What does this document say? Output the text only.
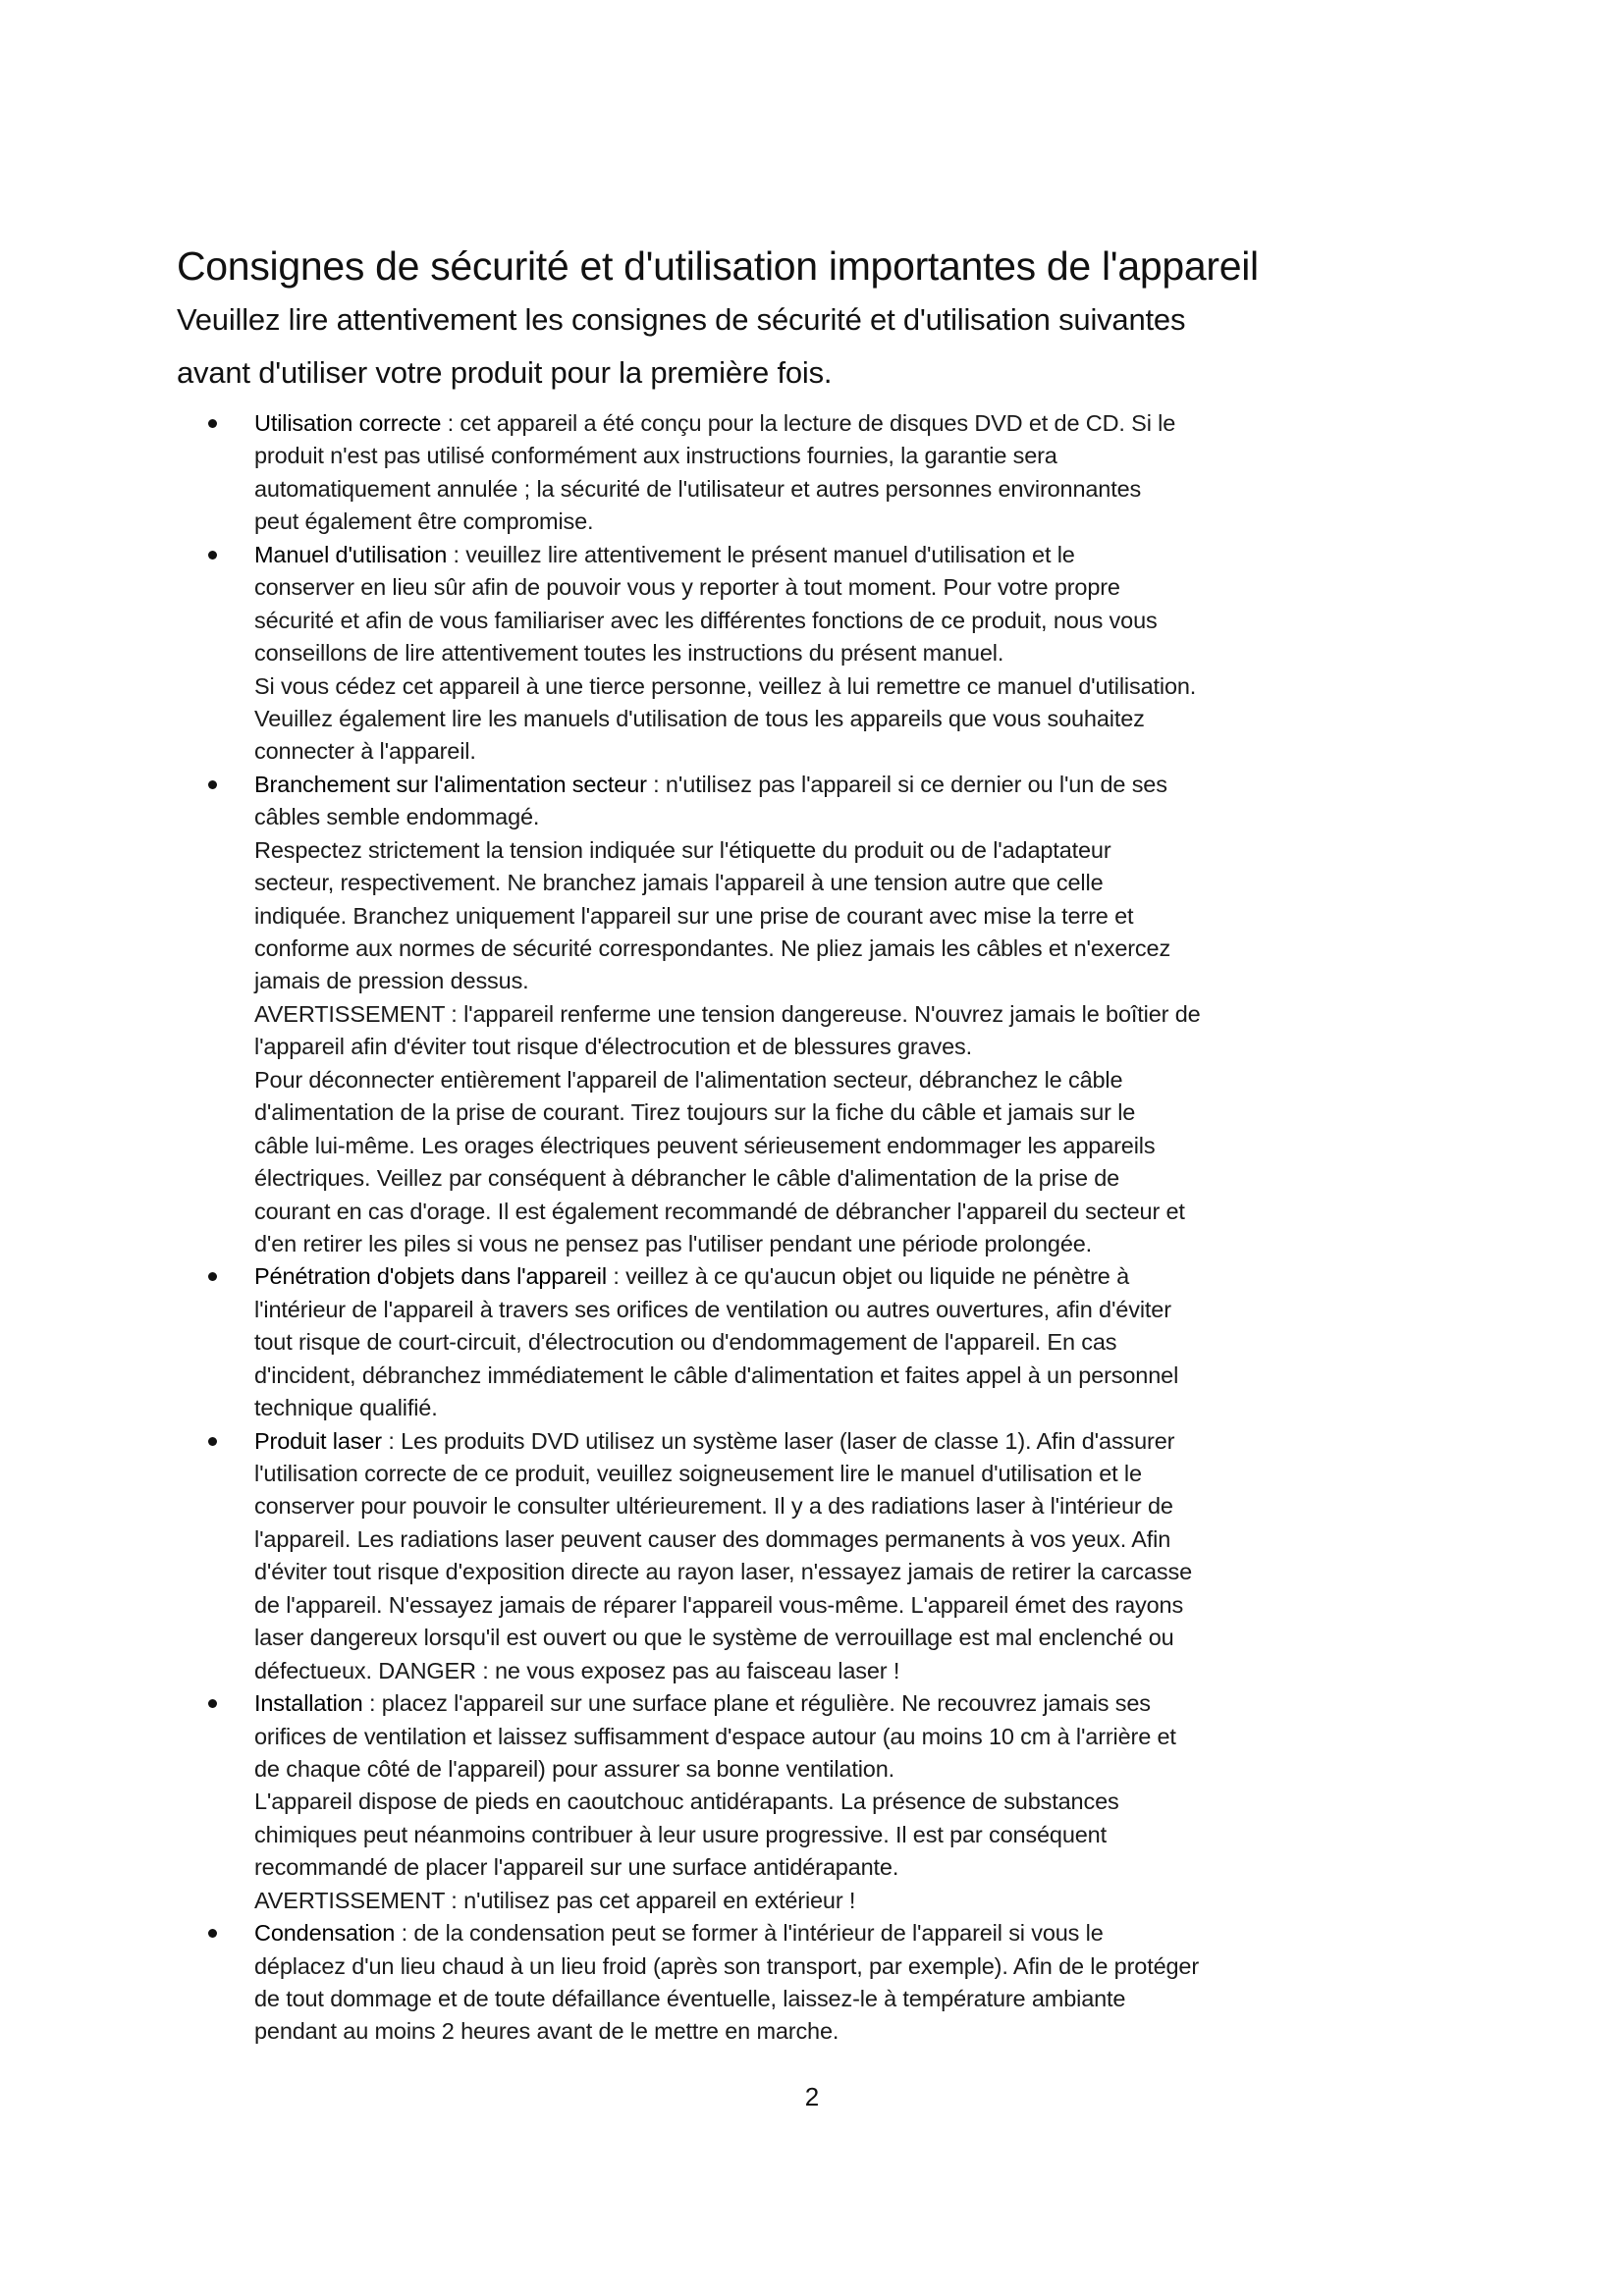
Consignes de sécurité et d'utilisation importantes de l'appareil
Veuillez lire attentivement les consignes de sécurité et d'utilisation suivantes
avant d'utiliser votre produit pour la première fois.
Utilisation correcte : cet appareil a été conçu pour la lecture de disques DVD et de CD. Si le
produit n'est pas utilisé conformément aux instructions fournies, la garantie sera
automatiquement annulée ; la sécurité de l'utilisateur et autres personnes environnantes
peut également être compromise.
Manuel d'utilisation : veuillez lire attentivement le présent manuel d'utilisation et le
conserver en lieu sûr afin de pouvoir vous y reporter à tout moment. Pour votre propre
sécurité et afin de vous familiariser avec les différentes fonctions de ce produit, nous vous
conseillons de lire attentivement toutes les instructions du présent manuel.
Si vous cédez cet appareil à une tierce personne, veillez à lui remettre ce manuel d'utilisation.
Veuillez également lire les manuels d'utilisation de tous les appareils que vous souhaitez
connecter à l'appareil.
Branchement sur l'alimentation secteur : n'utilisez pas l'appareil si ce dernier ou l'un de ses
câbles semble endommagé.
Respectez strictement la tension indiquée sur l'étiquette du produit ou de l'adaptateur
secteur, respectivement. Ne branchez jamais l'appareil à une tension autre que celle
indiquée. Branchez uniquement l'appareil sur une prise de courant avec mise la terre et
conforme aux normes de sécurité correspondantes. Ne pliez jamais les câbles et n'exercez
jamais de pression dessus.
AVERTISSEMENT : l'appareil renferme une tension dangereuse. N'ouvrez jamais le boîtier de
l'appareil afin d'éviter tout risque d'électrocution et de blessures graves.
Pour déconnecter entièrement l'appareil de l'alimentation secteur, débranchez le câble
d'alimentation de la prise de courant. Tirez toujours sur la fiche du câble et jamais sur le
câble lui-même. Les orages électriques peuvent sérieusement endommager les appareils
électriques. Veillez par conséquent à débrancher le câble d'alimentation de la prise de
courant en cas d'orage. Il est également recommandé de débrancher l'appareil du secteur et
d'en retirer les piles si vous ne pensez pas l'utiliser pendant une période prolongée.
Pénétration d'objets dans l'appareil : veillez à ce qu'aucun objet ou liquide ne pénètre à
l'intérieur de l'appareil à travers ses orifices de ventilation ou autres ouvertures, afin d'éviter
tout risque de court-circuit, d'électrocution ou d'endommagement de l'appareil. En cas
d'incident, débranchez immédiatement le câble d'alimentation et faites appel à un personnel
technique qualifié.
Produit laser : Les produits DVD utilisez un système laser (laser de classe 1). Afin d'assurer
l'utilisation correcte de ce produit, veuillez soigneusement lire le manuel d'utilisation et le
conserver pour pouvoir le consulter ultérieurement. Il y a des radiations laser à l'intérieur de
l'appareil. Les radiations laser peuvent causer des dommages permanents à vos yeux. Afin
d'éviter tout risque d'exposition directe au rayon laser, n'essayez jamais de retirer la carcasse
de l'appareil. N'essayez jamais de réparer l'appareil vous-même. L'appareil émet des rayons
laser dangereux lorsqu'il est ouvert ou que le système de verrouillage est mal enclenché ou
défectueux. DANGER : ne vous exposez pas au faisceau laser !
Installation : placez l'appareil sur une surface plane et régulière. Ne recouvrez jamais ses
orifices de ventilation et laissez suffisamment d'espace autour (au moins 10 cm à l'arrière et
de chaque côté de l'appareil) pour assurer sa bonne ventilation.
L'appareil dispose de pieds en caoutchouc antidérapants. La présence de substances
chimiques peut néanmoins contribuer à leur usure progressive. Il est par conséquent
recommandé de placer l'appareil sur une surface antidérapante.
AVERTISSEMENT : n'utilisez pas cet appareil en extérieur !
Condensation : de la condensation peut se former à l'intérieur de l'appareil si vous le
déplacez d'un lieu chaud à un lieu froid (après son transport, par exemple). Afin de le protéger
de tout dommage et de toute défaillance éventuelle, laissez-le à température ambiante
pendant au moins 2 heures avant de le mettre en marche.
2
